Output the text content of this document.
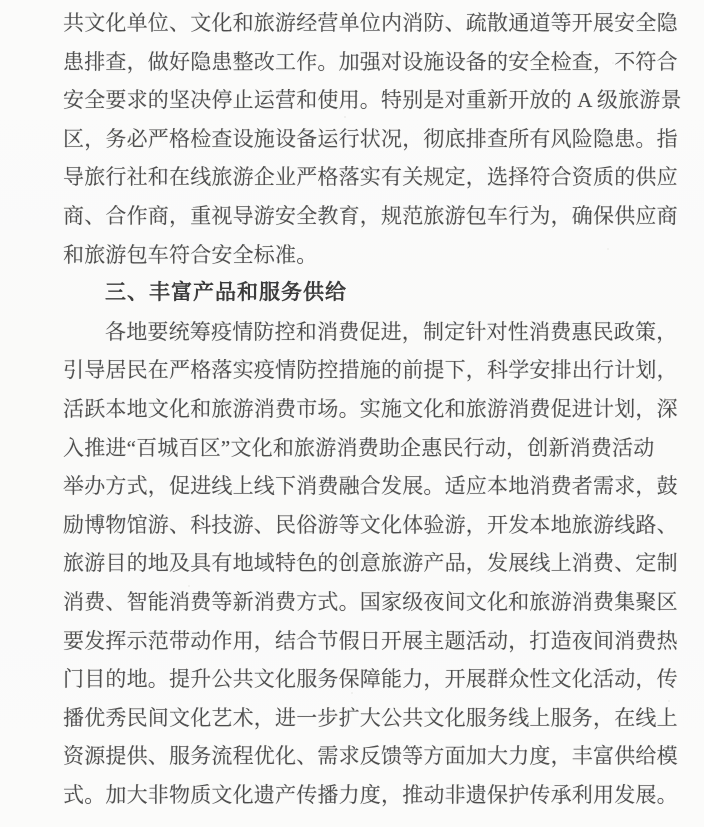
共文化单位、文化和旅游经营单位内消防、疏散通道等开展安全隐
患排查，做好隐患整改工作。加强对设施设备的安全检查，不符合
安全要求的坚决停止运营和使用。特别是对重新开放的 A 级旅游景
区，务必严格检查设施设备运行状况，彻底排查所有风险隐患。指
导旅行社和在线旅游企业严格落实有关规定，选择符合资质的供应
商、合作商，重视导游安全教育，规范旅游包车行为，确保供应商
和旅游包车符合安全标准。
三、丰富产品和服务供给
各地要统筹疫情防控和消费促进，制定针对性消费惠民政策，
引导居民在严格落实疫情防控措施的前提下，科学安排出行计划，
活跃本地文化和旅游消费市场。实施文化和旅游消费促进计划，深
入推进“百城百区”文化和旅游消费助企惠民行动，创新消费活动
举办方式，促进线上线下消费融合发展。适应本地消费者需求，鼓
励博物馆游、科技游、民俗游等文化体验游，开发本地旅游线路、
旅游目的地及具有地域特色的创意旅游产品，发展线上消费、定制
消费、智能消费等新消费方式。国家级夜间文化和旅游消费集聚区
要发挥示范带动作用，结合节假日开展主题活动，打造夜间消费热
门目的地。提升公共文化服务保障能力，开展群众性文化活动，传
播优秀民间文化艺术，进一步扩大公共文化服务线上服务，在线上
资源提供、服务流程优化、需求反馈等方面加大力度，丰富供给模
式。加大非物质文化遗产传播力度，推动非遗保护传承利用发展。
